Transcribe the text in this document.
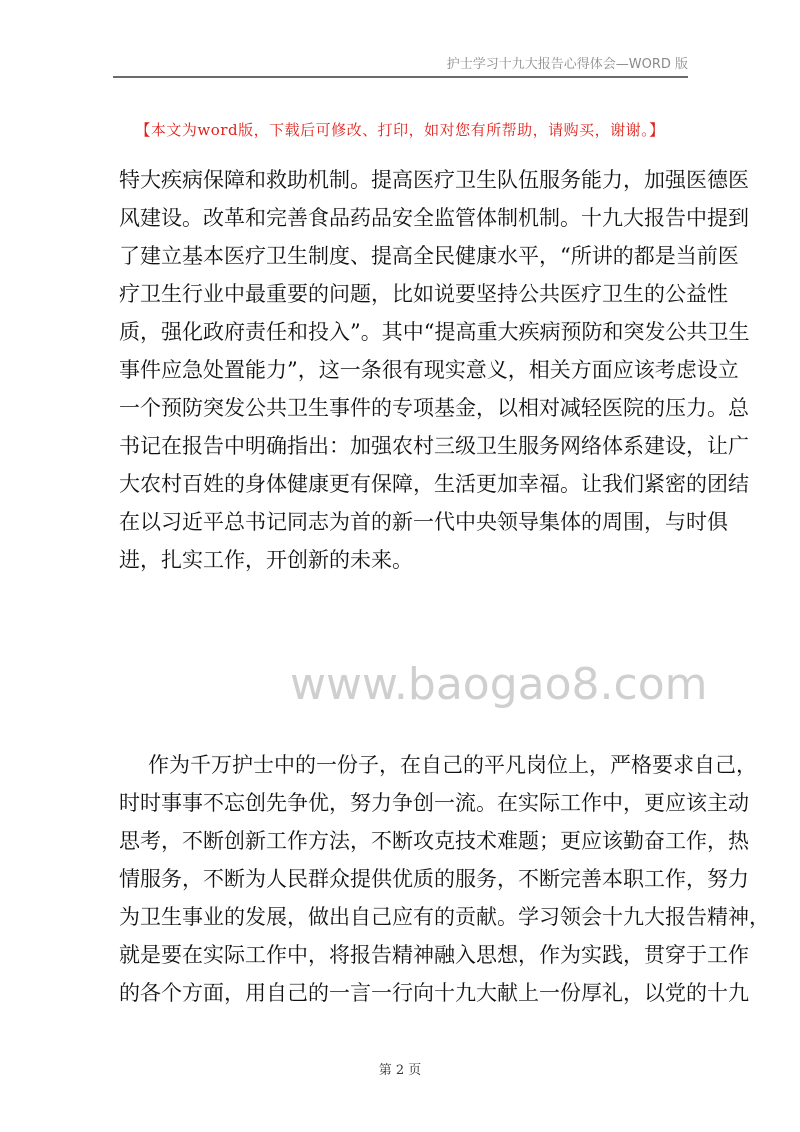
护士学习十九大报告心得体会—WORD 版
【本文为word版，下载后可修改、打印，如对您有所帮助，请购买，谢谢。】
特大疾病保障和救助机制。提高医疗卫生队伍服务能力，加强医德医
风建设。改革和完善食品药品安全监管体制机制。十九大报告中提到
了建立基本医疗卫生制度、提高全民健康水平，“所讲的都是当前医
疗卫生行业中最重要的问题，比如说要坚持公共医疗卫生的公益性
质，强化政府责任和投入”。其中“提高重大疾病预防和突发公共卫生
事件应急处置能力”，这一条很有现实意义，相关方面应该考虑设立
一个预防突发公共卫生事件的专项基金，以相对减轻医院的压力。总
书记在报告中明确指出：加强农村三级卫生服务网络体系建设，让广
大农村百姓的身体健康更有保障，生活更加幸福。让我们紧密的团结
在以习近平总书记同志为首的新一代中央领导集体的周围，与时俱
进，扎实工作，开创新的未来。
www.baogao8.com
作为千万护士中的一份子，在自己的平凡岗位上，严格要求自己，
时时事事不忘创先争优，努力争创一流。在实际工作中，更应该主动
思考，不断创新工作方法，不断攻克技术难题；更应该勤奋工作，热
情服务，不断为人民群众提供优质的服务，不断完善本职工作，努力
为卫生事业的发展，做出自己应有的贡献。学习领会十九大报告精神，
就是要在实际工作中，将报告精神融入思想，作为实践，贯穿于工作
的各个方面，用自己的一言一行向十九大献上一份厚礼，以党的十九
第 2 页
